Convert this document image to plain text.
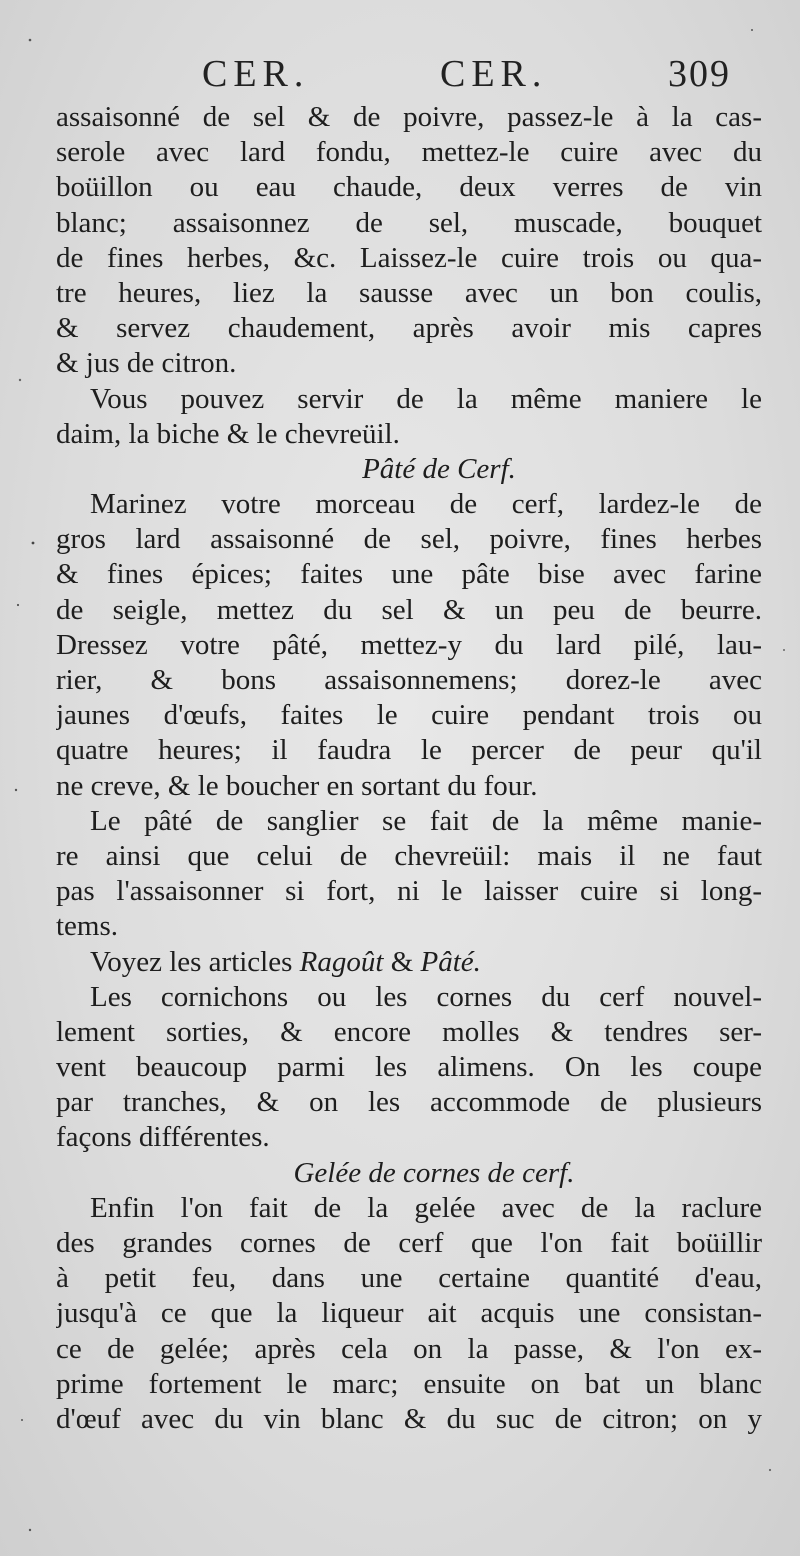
CER.	CER.	309
assaisonné de sel & de poivre, passez-le à la cas-
serole avec lard fondu, mettez-le cuire avec du
boüillon ou eau chaude, deux verres de vin
blanc; assaisonnez de sel, muscade, bouquet
de fines herbes, &c. Laissez-le cuire trois ou qua-
tre heures, liez la sausse avec un bon coulis,
& servez chaudement, après avoir mis capres
& jus de citron.
Vous pouvez servir de la même maniere le
daim, la biche & le chevreüil.
Pâté de Cerf.
Marinez votre morceau de cerf, lardez-le de
gros lard assaisonné de sel, poivre, fines herbes
& fines épices; faites une pâte bise avec farine
de seigle, mettez du sel & un peu de beurre.
Dressez votre pâté, mettez-y du lard pilé, lau-
rier, & bons assaisonnemens; dorez-le avec
jaunes d'œufs, faites le cuire pendant trois ou
quatre heures; il faudra le percer de peur qu'il
ne creve, & le boucher en sortant du four.
Le pâté de sanglier se fait de la même manie-
re ainsi que celui de chevreüil: mais il ne faut
pas l'assaisonner si fort, ni le laisser cuire si long-
tems.
Voyez les articles Ragoût & Pâté.
Les cornichons ou les cornes du cerf nouvel-
lement sorties, & encore molles & tendres ser-
vent beaucoup parmi les alimens. On les coupe
par tranches, & on les accommode de plusieurs
façons différentes.
Gelée de cornes de cerf.
Enfin l'on fait de la gelée avec de la raclure
des grandes cornes de cerf que l'on fait boüillir
à petit feu, dans une certaine quantité d'eau,
jusqu'à ce que la liqueur ait acquis une consistan-
ce de gelée; après cela on la passe, & l'on ex-
prime fortement le marc; ensuite on bat un blanc
d'œuf avec du vin blanc & du suc de citron; on y
